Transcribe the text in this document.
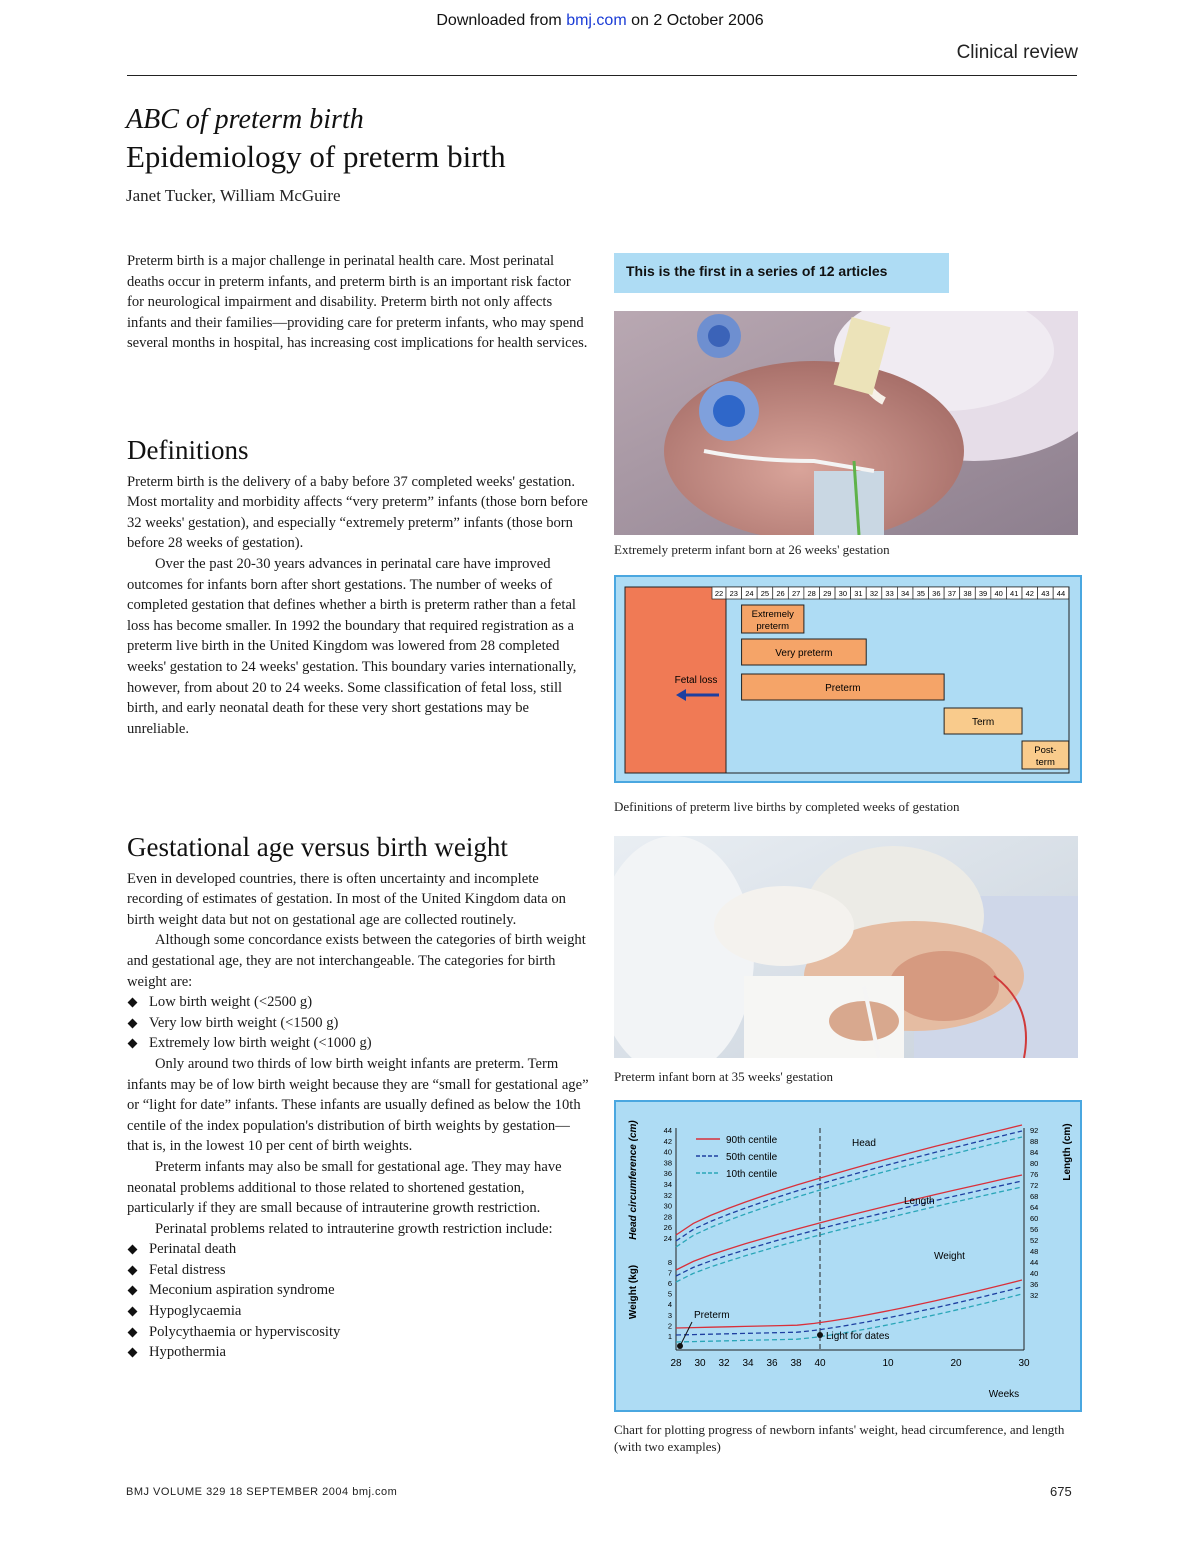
Downloaded from bmj.com on 2 October 2006
Clinical review
ABC of preterm birth
Epidemiology of preterm birth
Janet Tucker, William McGuire

Preterm birth is a major challenge in perinatal health care. Most perinatal deaths occur in preterm infants, and preterm birth is an important risk factor for neurological impairment and disability. Preterm birth not only affects infants and their families—providing care for preterm infants, who may spend several months in hospital, has increasing cost implications for health services.

Definitions

Preterm birth is the delivery of a baby before 37 completed weeks' gestation. Most mortality and morbidity affects “very preterm” infants (those born before 32 weeks' gestation), and especially “extremely preterm” infants (those born before 28 weeks of gestation).

Over the past 20-30 years advances in perinatal care have improved outcomes for infants born after short gestations. The number of weeks of completed gestation that defines whether a birth is preterm rather than a fetal loss has become smaller. In 1992 the boundary that required registration as a preterm live birth in the United Kingdom was lowered from 28 completed weeks' gestation to 24 weeks' gestation. This boundary varies internationally, however, from about 20 to 24 weeks. Some classification of fetal loss, still birth, and early neonatal death for these very short gestations may be unreliable.

Gestational age versus birth weight

Even in developed countries, there is often uncertainty and incomplete recording of estimates of gestation. In most of the United Kingdom data on birth weight data but not on gestational age are collected routinely.

Although some concordance exists between the categories of birth weight and gestational age, they are not interchangeable. The categories for birth weight are:

Low birth weight (<2500 g)
Very low birth weight (<1500 g)
Extremely low birth weight (<1000 g)

Only around two thirds of low birth weight infants are preterm. Term infants may be of low birth weight because they are “small for gestational age” or “light for date” infants. These infants are usually defined as below the 10th centile of the index population's distribution of birth weights by gestation—that is, in the lowest 10 per cent of birth weights.

Preterm infants may also be small for gestational age. They may have neonatal problems additional to those related to shortened gestation, particularly if they are small because of intrauterine growth restriction.

Perinatal problems related to intrauterine growth restriction include:

Perinatal death
Fetal distress
Meconium aspiration syndrome
Hypoglycaemia
Polycythaemia or hyperviscosity
Hypothermia
This is the first in a series of 12 articles
Extremely preterm infant born at 26 weeks' gestation
22 23 24 25 26 27 28 29 30 31 32 33 34 35 36 37 38 39 40 41 42 43 44
Fetal loss
Extremely
preterm
Very preterm
Preterm
Term
Post-
term
Definitions of preterm live births by completed weeks of gestation
Preterm infant born at 35 weeks' gestation
Head circumference (cm)
Weight (kg)
Length (cm)
Weeks
28 30 32 34 36 38 40	10	20	30
24
26
28
30
32
34
36
38
40
42
44
1
2
3
4
5
6
7
8
32
36
40
44
48
52
56
60
64
68
72
76
80
84
88
92
90th centile
50th centile
10th centile
Head
Length
Weight
Preterm
Light for dates
Chart for plotting progress of newborn infants' weight, head circumference, and length (with two examples)
BMJ VOLUME 329 18 SEPTEMBER 2004 bmj.com	675
